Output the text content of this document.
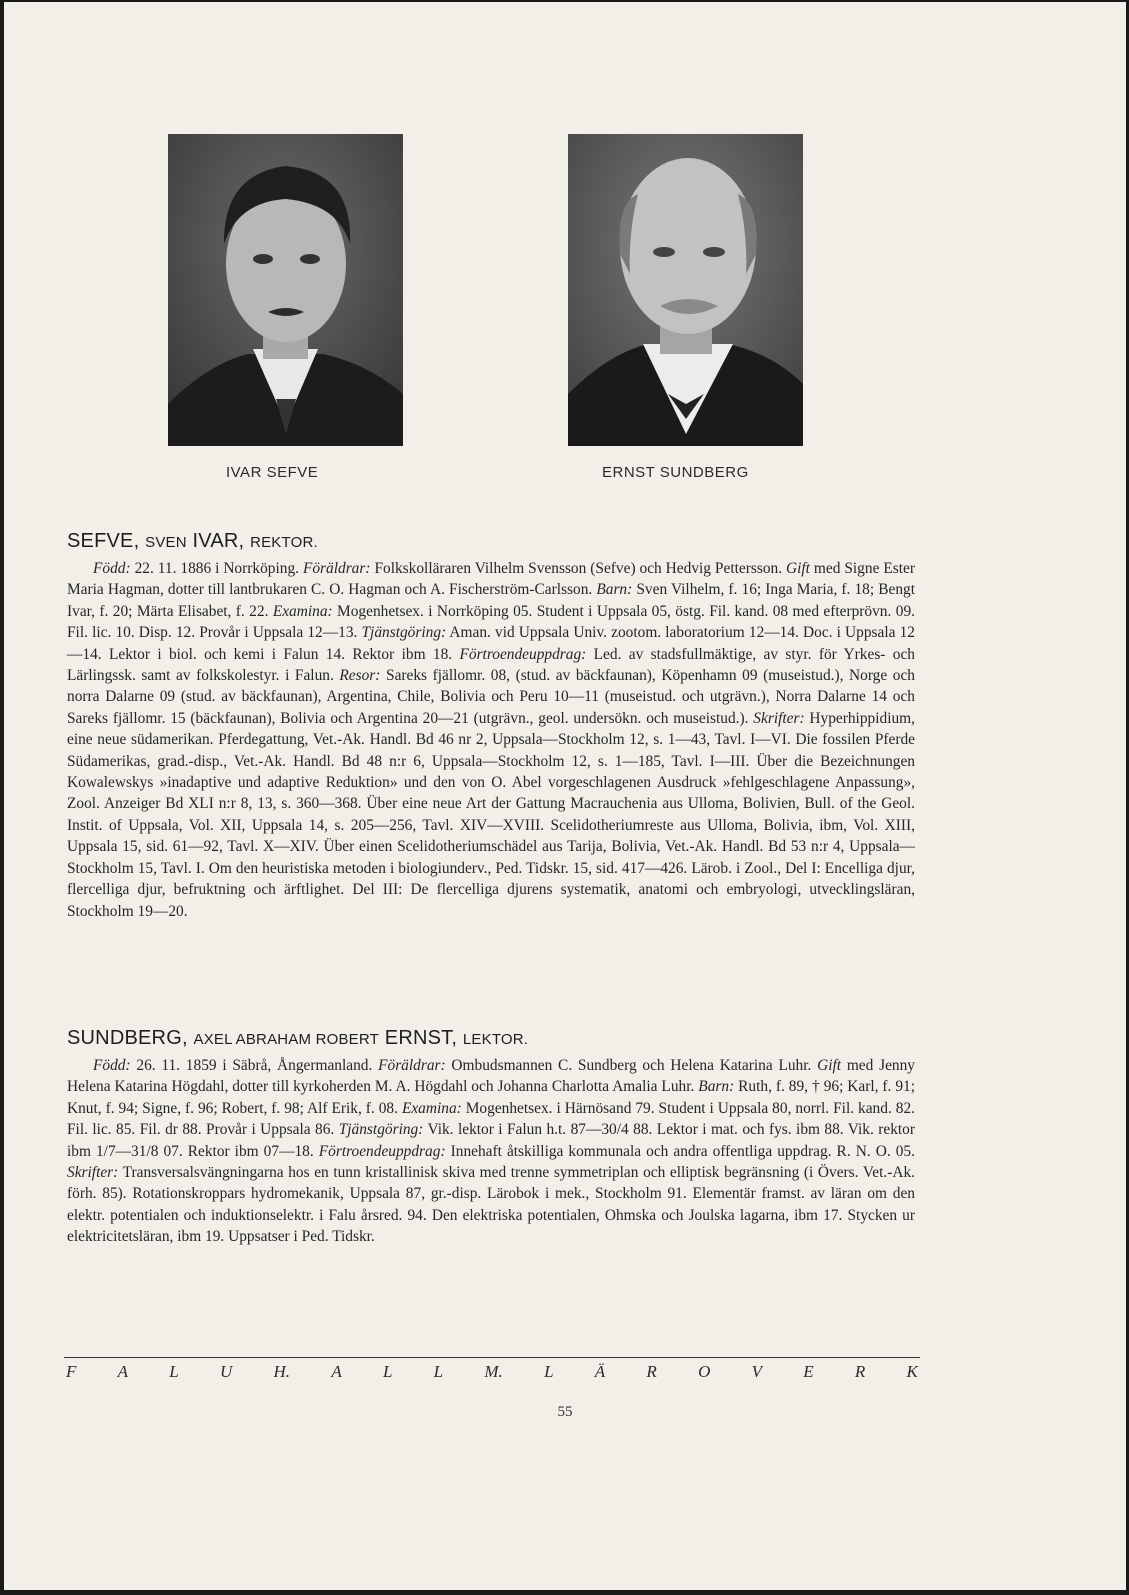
IVAR SEFVE	ERNST SUNDBERG
SEFVE, SVEN IVAR, REKTOR.

Född: 22. 11. 1886 i Norrköping. Föräldrar: Folkskolläraren Vilhelm Svensson (Sefve) och Hedvig Pettersson. Gift med Signe Ester Maria Hagman, dotter till lantbrukaren C. O. Hagman och A. Fischerström-Carlsson. Barn: Sven Vilhelm, f. 16; Inga Maria, f. 18; Bengt Ivar, f. 20; Märta Elisabet, f. 22. Examina: Mogenhetsex. i Norrköping 05. Student i Uppsala 05, östg. Fil. kand. 08 med efterprövn. 09. Fil. lic. 10. Disp. 12. Provår i Uppsala 12—13. Tjänstgöring: Aman. vid Uppsala Univ. zootom. laboratorium 12—14. Doc. i Uppsala 12—14. Lektor i biol. och kemi i Falun 14. Rektor ibm 18. Förtroendeuppdrag: Led. av stadsfullmäktige, av styr. för Yrkes- och Lärlingssk. samt av folkskolestyr. i Falun. Resor: Sareks fjällomr. 08, (stud. av bäckfaunan), Köpenhamn 09 (museistud.), Norge och norra Dalarne 09 (stud. av bäckfaunan), Argentina, Chile, Bolivia och Peru 10—11 (museistud. och utgrävn.), Norra Dalarne 14 och Sareks fjällomr. 15 (bäckfaunan), Bolivia och Argentina 20—21 (utgrävn., geol. undersökn. och museistud.). Skrifter: Hyperhippidium, eine neue südamerikan. Pferdegattung, Vet.-Ak. Handl. Bd 46 nr 2, Uppsala—Stockholm 12, s. 1—43, Tavl. I—VI. Die fossilen Pferde Südamerikas, grad.-disp., Vet.-Ak. Handl. Bd 48 n:r 6, Uppsala—Stockholm 12, s. 1—185, Tavl. I—III. Über die Bezeichnungen Kowalewskys »inadaptive und adaptive Reduktion» und den von O. Abel vorgeschlagenen Ausdruck »fehlgeschlagene Anpassung», Zool. Anzeiger Bd XLI n:r 8, 13, s. 360—368. Über eine neue Art der Gattung Macrauchenia aus Ulloma, Bolivien, Bull. of the Geol. Instit. of Uppsala, Vol. XII, Uppsala 14, s. 205—256, Tavl. XIV—XVIII. Scelidotheriumreste aus Ulloma, Bolivia, ibm, Vol. XIII, Uppsala 15, sid. 61—92, Tavl. X—XIV. Über einen Scelidotheriumschädel aus Tarija, Bolivia, Vet.-Ak. Handl. Bd 53 n:r 4, Uppsala—Stockholm 15, Tavl. I. Om den heuristiska metoden i biologiunderv., Ped. Tidskr. 15, sid. 417—426. Lärob. i Zool., Del I: Encelliga djur, flercelliga djur, befruktning och ärftlighet. Del III: De flercelliga djurens systematik, anatomi och embryologi, utvecklingsläran, Stockholm 19—20.

SUNDBERG, AXEL ABRAHAM ROBERT ERNST, LEKTOR.

Född: 26. 11. 1859 i Säbrå, Ångermanland. Föräldrar: Ombudsmannen C. Sundberg och Helena Katarina Luhr. Gift med Jenny Helena Katarina Högdahl, dotter till kyrkoherden M. A. Högdahl och Johanna Charlotta Amalia Luhr. Barn: Ruth, f. 89, † 96; Karl, f. 91; Knut, f. 94; Signe, f. 96; Robert, f. 98; Alf Erik, f. 08. Examina: Mogenhetsex. i Härnösand 79. Student i Uppsala 80, norrl. Fil. kand. 82. Fil. lic. 85. Fil. dr 88. Provår i Uppsala 86. Tjänstgöring: Vik. lektor i Falun h.t. 87—30/4 88. Lektor i mat. och fys. ibm 88. Vik. rektor ibm 1/7—31/8 07. Rektor ibm 07—18. Förtroendeuppdrag: Innehaft åtskilliga kommunala och andra offentliga uppdrag. R. N. O. 05. Skrifter: Transversalsvängningarna hos en tunn kristallinisk skiva med trenne symmetriplan och elliptisk begränsning (i Övers. Vet.-Ak. förh. 85). Rotationskroppars hydromekanik, Uppsala 87, gr.-disp. Lärobok i mek., Stockholm 91. Elementär framst. av läran om den elektr. potentialen och induktionselektr. i Falu årsred. 94. Den elektriska potentialen, Ohmska och Joulska lagarna, ibm 17. Stycken ur elektricitetsläran, ibm 19. Uppsatser i Ped. Tidskr.

F A L U H. A L L M. L Ä R O V E R K
55
